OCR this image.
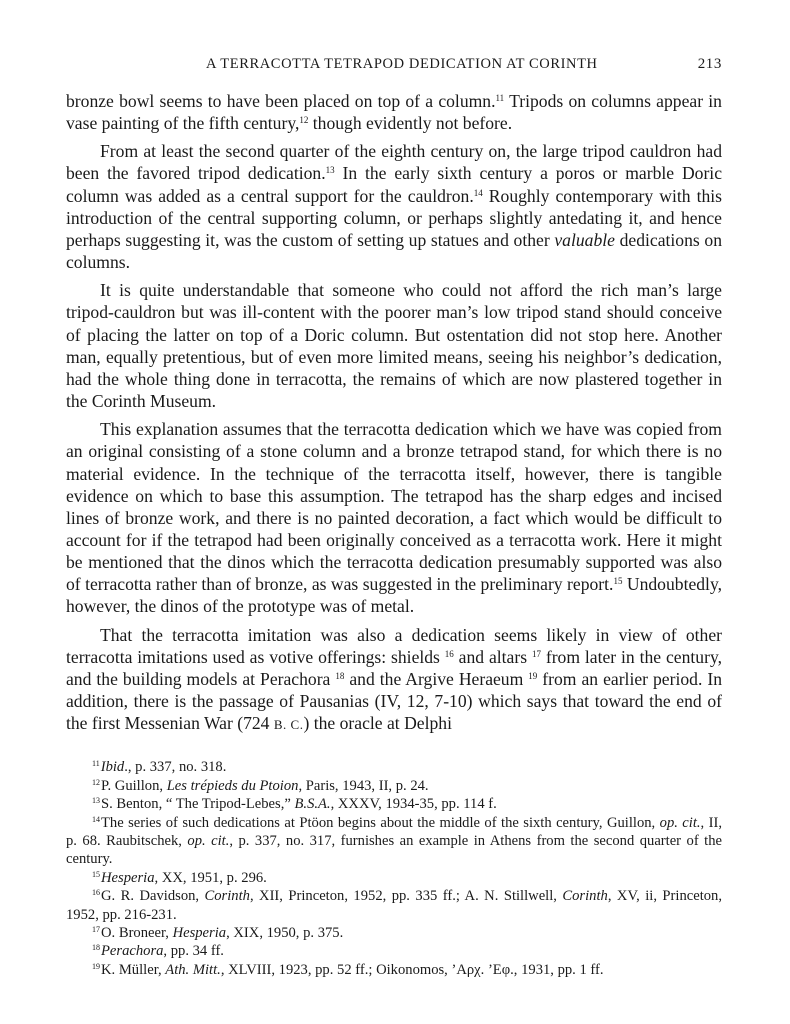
A TERRACOTTA TETRAPOD DEDICATION AT CORINTH	213

bronze bowl seems to have been placed on top of a column.$^{11}$ Tripods on columns appear in vase painting of the fifth century,$^{12}$ though evidently not before.

From at least the second quarter of the eighth century on, the large tripod cauldron had been the favored tripod dedication.$^{13}$ In the early sixth century a poros or marble Doric column was added as a central support for the cauldron.$^{14}$ Roughly contemporary with this introduction of the central supporting column, or perhaps slightly antedating it, and hence perhaps suggesting it, was the custom of setting up statues and other valuable dedications on columns.

It is quite understandable that someone who could not afford the rich man’s large tripod-cauldron but was ill-content with the poorer man’s low tripod stand should conceive of placing the latter on top of a Doric column. But ostentation did not stop here. Another man, equally pretentious, but of even more limited means, seeing his neighbor’s dedication, had the whole thing done in terracotta, the remains of which are now plastered together in the Corinth Museum.

This explanation assumes that the terracotta dedication which we have was copied from an original consisting of a stone column and a bronze tetrapod stand, for which there is no material evidence. In the technique of the terracotta itself, however, there is tangible evidence on which to base this assumption. The tetrapod has the sharp edges and incised lines of bronze work, and there is no painted decoration, a fact which would be difficult to account for if the tetrapod had been originally conceived as a terracotta work. Here it might be mentioned that the dinos which the terracotta dedication presumably supported was also of terracotta rather than of bronze, as was suggested in the preliminary report.$^{15}$ Undoubtedly, however, the dinos of the prototype was of metal.

That the terracotta imitation was also a dedication seems likely in view of other terracotta imitations used as votive offerings: shields $^{16}$ and altars $^{17}$ from later in the century, and the building models at Perachora $^{18}$ and the Argive Heraeum $^{19}$ from an earlier period. In addition, there is the passage of Pausanias (IV, 12, 7-10) which says that toward the end of the first Messenian War (724 B. C.) the oracle at Delphi

$^{11}$Ibid., p. 337, no. 318.
$^{12}$P. Guillon, Les trépieds du Ptoion, Paris, 1943, II, p. 24.
$^{13}$S. Benton, “ The Tripod-Lebes,” B.S.A., XXXV, 1934-35, pp. 114 f.
$^{14}$The series of such dedications at Ptöon begins about the middle of the sixth century, Guillon, op. cit., II, p. 68. Raubitschek, op. cit., p. 337, no. 317, furnishes an example in Athens from the second quarter of the century.
$^{15}$Hesperia, XX, 1951, p. 296.
$^{16}$G. R. Davidson, Corinth, XII, Princeton, 1952, pp. 335 ff.; A. N. Stillwell, Corinth, XV, ii, Princeton, 1952, pp. 216-231.
$^{17}$O. Broneer, Hesperia, XIX, 1950, p. 375.
$^{18}$Perachora, pp. 34 ff.
$^{19}$K. Müller, Ath. Mitt., XLVIII, 1923, pp. 52 ff.; Oikonomos, ’Αρχ. ’Εφ., 1931, pp. 1 ff.
